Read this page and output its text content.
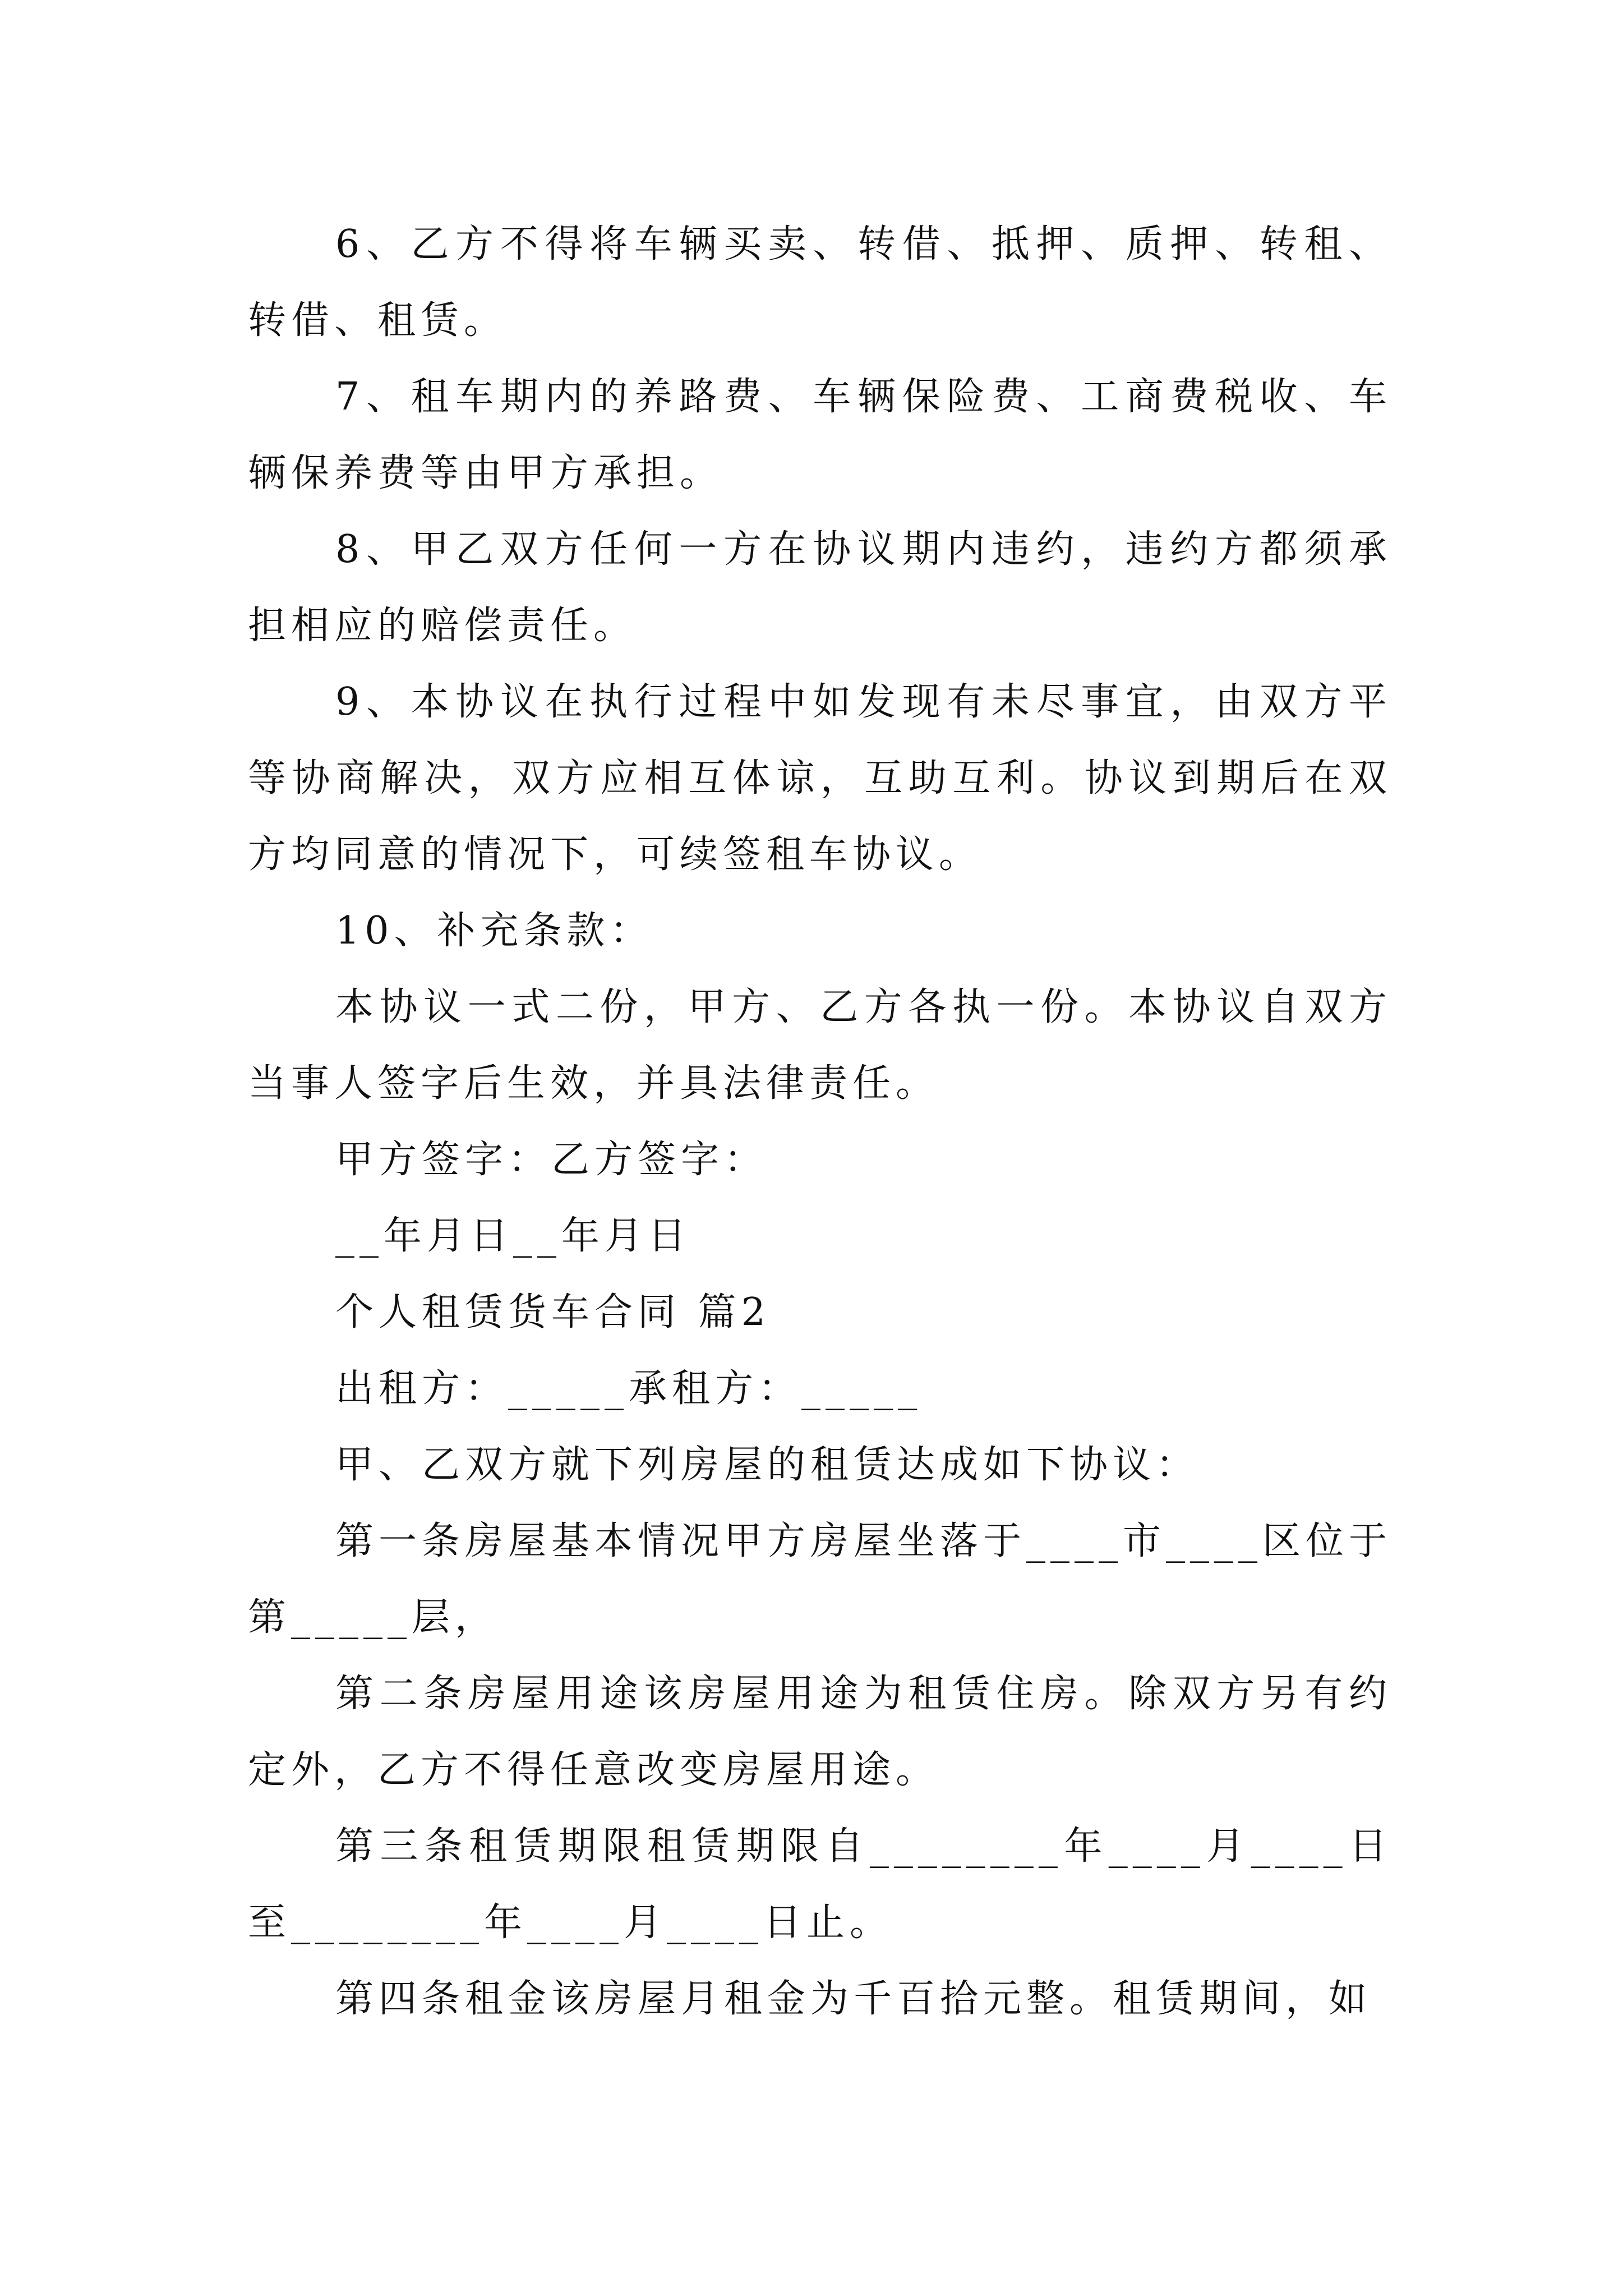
6、乙方不得将车辆买卖、转借、抵押、质押、转租、转借、租赁。

7、租车期内的养路费、车辆保险费、工商费税收、车辆保养费等由甲方承担。

8、甲乙双方任何一方在协议期内违约，违约方都须承担相应的赔偿责任。

9、本协议在执行过程中如发现有未尽事宜，由双方平等协商解决，双方应相互体谅，互助互利。协议到期后在双方均同意的情况下，可续签租车协议。

10、补充条款：

本协议一式二份，甲方、乙方各执一份。本协议自双方当事人签字后生效，并具法律责任。

甲方签字：乙方签字：

__年月日__年月日

个人租赁货车合同 篇2

出租方：_____承租方：_____

甲、乙双方就下列房屋的租赁达成如下协议：

第一条房屋基本情况甲方房屋坐落于____市____区位于第_____层，

第二条房屋用途该房屋用途为租赁住房。除双方另有约定外，乙方不得任意改变房屋用途。

第三条租赁期限租赁期限自________年____月____日至________年____月____日止。

第四条租金该房屋月租金为千百拾元整。租赁期间，如
